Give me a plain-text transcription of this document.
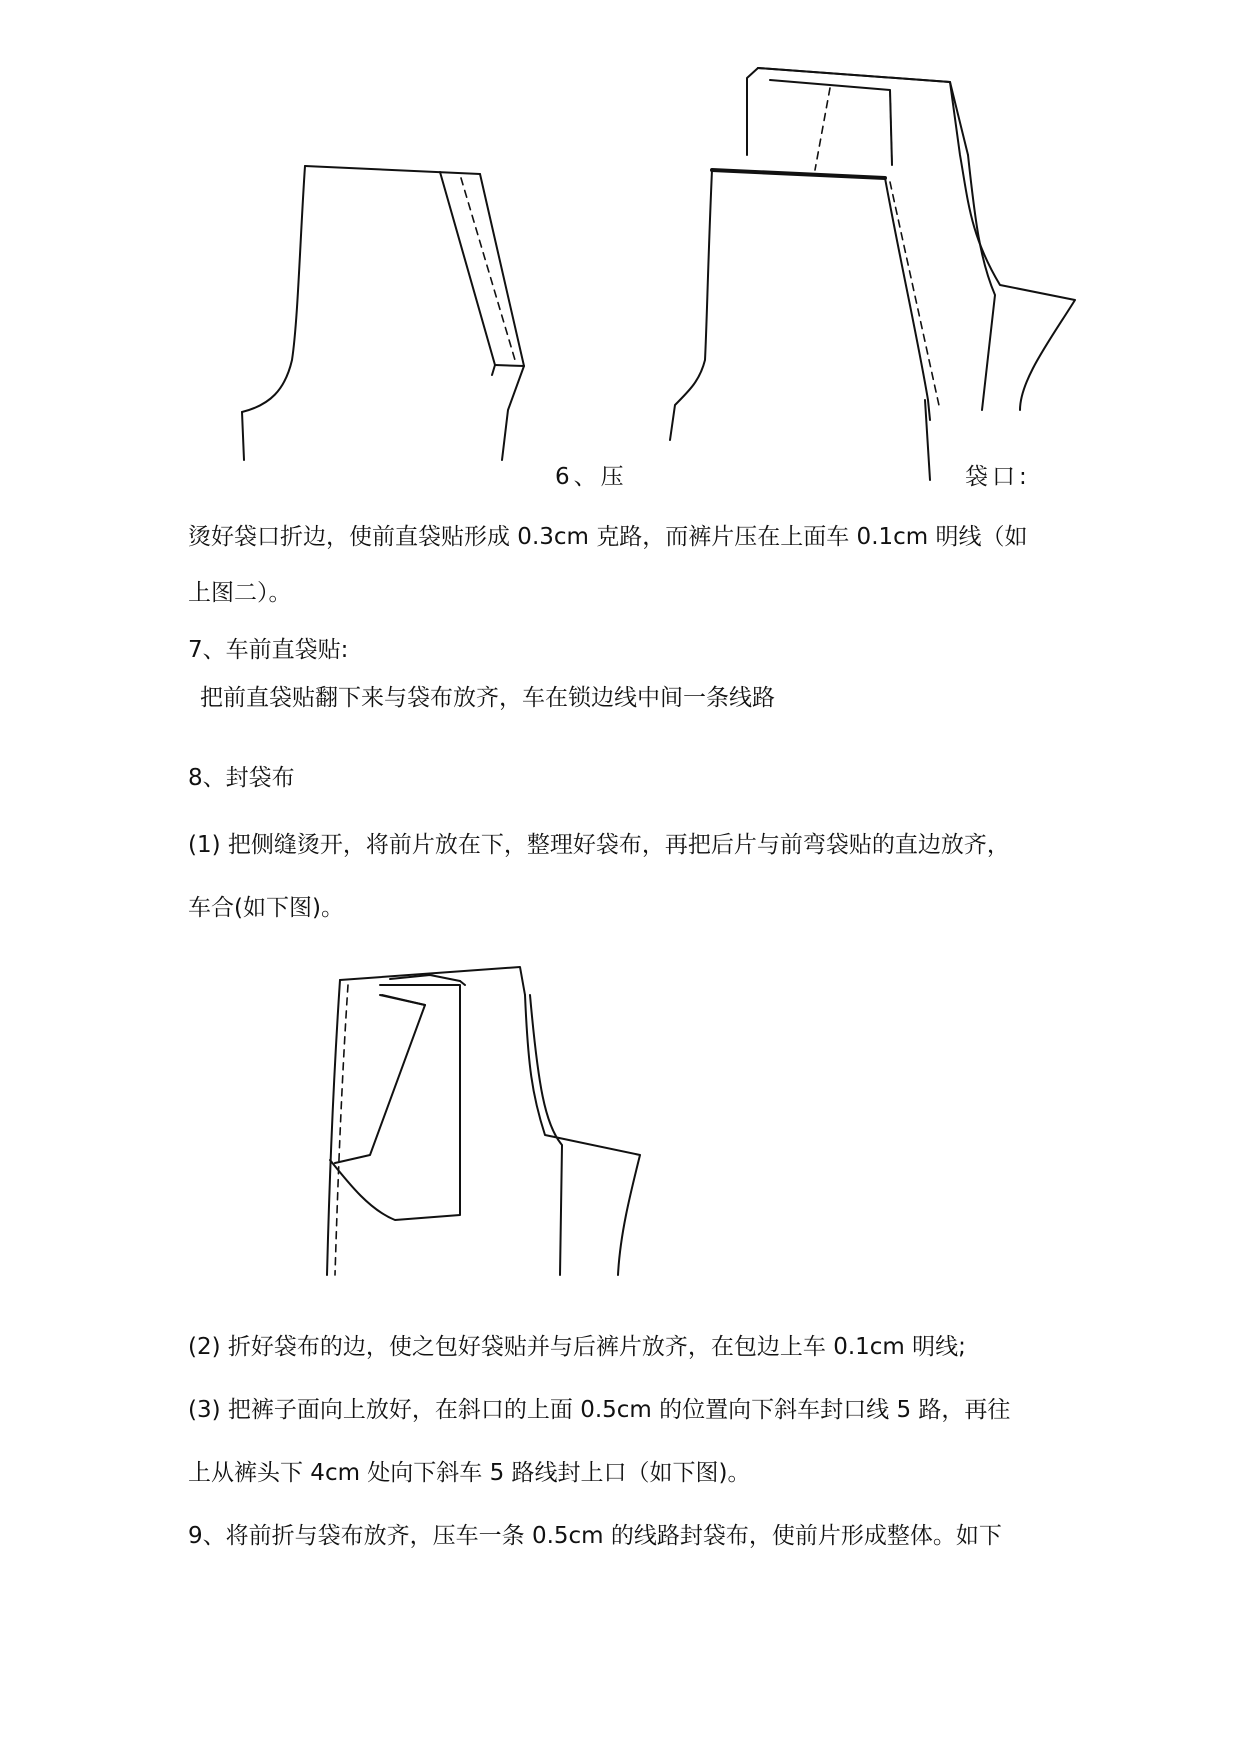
6、压	袋口:
烫好袋口折边，使前直袋贴形成 0.3cm 克路，而裤片压在上面车 0.1cm 明线（如
上图二）。
7、车前直袋贴:
把前直袋贴翻下来与袋布放齐，车在锁边线中间一条线路
8、封袋布
(1) 把侧缝烫开，将前片放在下，整理好袋布，再把后片与前弯袋贴的直边放齐，
车合(如下图)。
(2) 折好袋布的边，使之包好袋贴并与后裤片放齐，在包边上车 0.1cm 明线;
(3) 把裤子面向上放好，在斜口的上面 0.5cm 的位置向下斜车封口线 5 路，再往
上从裤头下 4cm 处向下斜车 5 路线封上口（如下图)。
9、将前折与袋布放齐，压车一条 0.5cm 的线路封袋布，使前片形成整体。如下
